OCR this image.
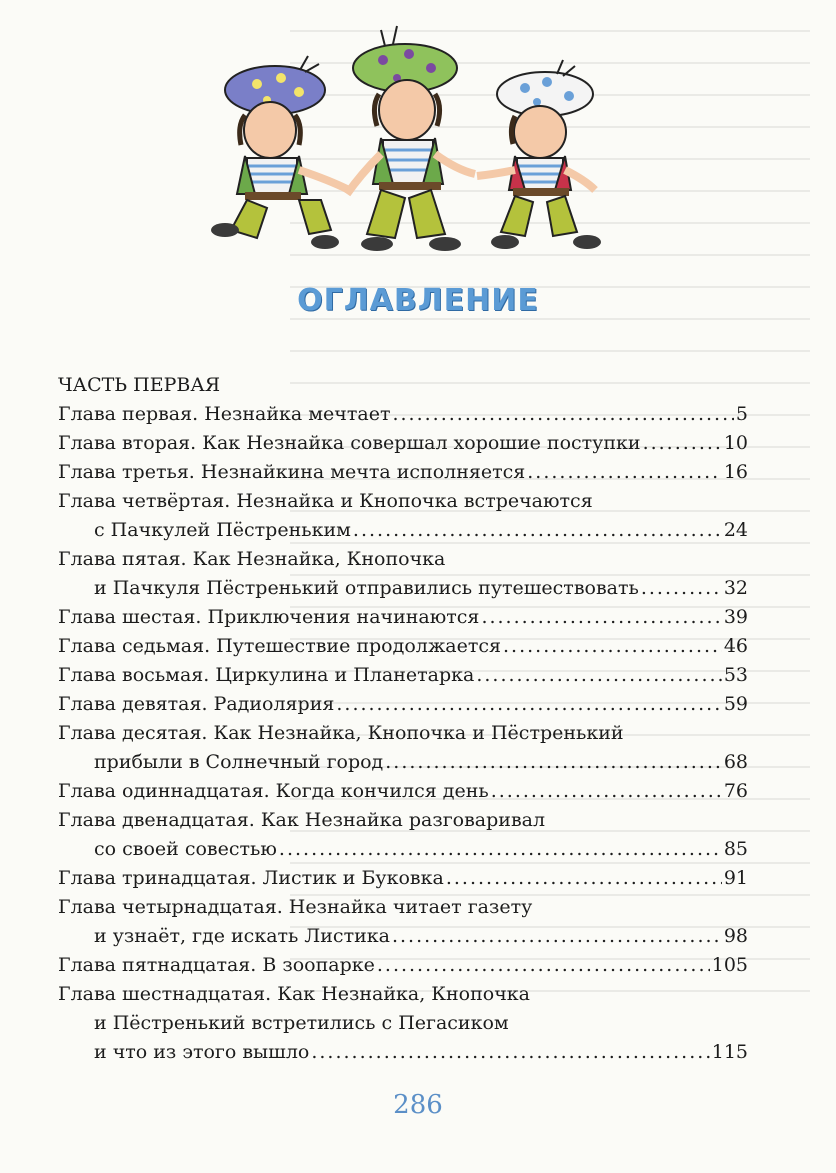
ОГЛАВЛЕНИЕ
ЧАСТЬ ПЕРВАЯ
Глава первая. Незнайка мечтает .....	5
Глава вторая. Как Незнайка совершал хорошие поступки .....	10
Глава третья. Незнайкина мечта исполняется .....	16
Глава четвёртая. Незнайка и Кнопочка встречаются
с Пачкулей Пёстреньким .....	24
Глава пятая. Как Незнайка, Кнопочка
и Пачкуля Пёстренький отправились путешествовать .....	32
Глава шестая. Приключения начинаются .....	39
Глава седьмая. Путешествие продолжается .....	46
Глава восьмая. Циркулина и Планетарка .....	53
Глава девятая. Радиолярия .....	59
Глава десятая. Как Незнайка, Кнопочка и Пёстренький
прибыли в Солнечный город .....	68
Глава одиннадцатая. Когда кончился день .....	76
Глава двенадцатая. Как Незнайка разговаривал
со своей совестью .....	85
Глава тринадцатая. Листик и Буковка .....	91
Глава четырнадцатая. Незнайка читает газету
и узнаёт, где искать Листика .....	98
Глава пятнадцатая. В зоопарке .....	105
Глава шестнадцатая. Как Незнайка, Кнопочка
и Пёстренький встретились с Пегасиком
и что из этого вышло .....	115
286
